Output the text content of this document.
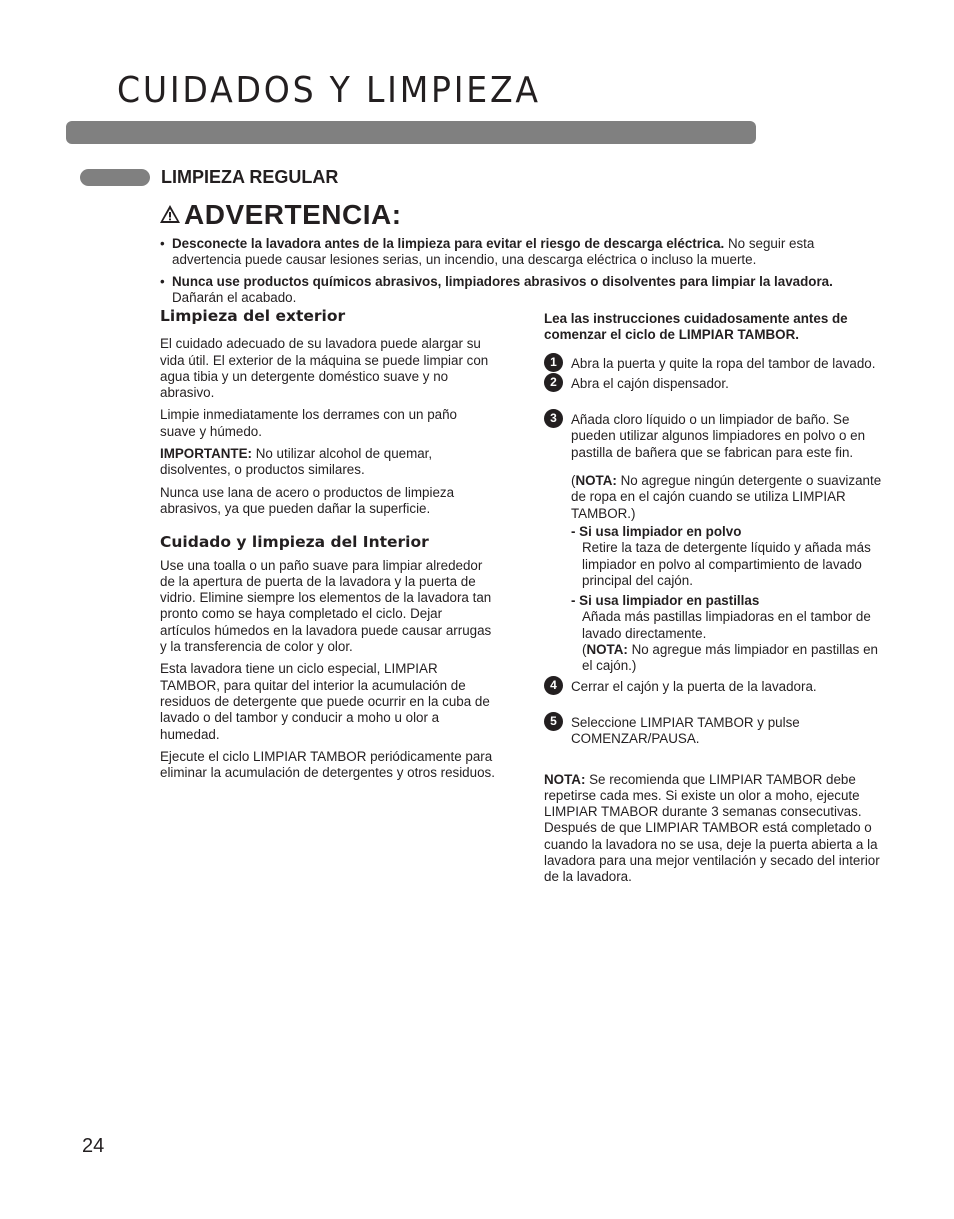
CUIDADOS Y LIMPIEZA
LIMPIEZA REGULAR
ADVERTENCIA:
• Desconecte la lavadora antes de la limpieza para evitar el riesgo de descarga eléctrica. No seguir esta advertencia puede causar lesiones serias, un incendio, una descarga eléctrica o incluso la muerte.
• Nunca use productos químicos abrasivos, limpiadores abrasivos o disolventes para limpiar la lavadora. Dañarán el acabado.
Limpieza del exterior

El cuidado adecuado de su lavadora puede alargar su vida útil. El exterior de la máquina se puede limpiar con agua tibia y un detergente doméstico suave y no abrasivo.

Limpie inmediatamente los derrames con un paño suave y húmedo.

IMPORTANTE: No utilizar alcohol de quemar, disolventes, o productos similares.

Nunca use lana de acero o productos de limpieza abrasivos, ya que pueden dañar la superficie.

Cuidado y limpieza del Interior

Use una toalla o un paño suave para limpiar alrededor de la apertura de puerta de la lavadora y la puerta de vidrio. Elimine siempre los elementos de la lavadora tan pronto como se haya completado el ciclo. Dejar artículos húmedos en la lavadora puede causar arrugas y la transferencia de color y olor.

Esta lavadora tiene un ciclo especial, LIMPIAR TAMBOR, para quitar del interior la acumulación de residuos de detergente que puede ocurrir en la cuba de lavado o del tambor y conducir a moho u olor a humedad.

Ejecute el ciclo LIMPIAR TAMBOR periódicamente para eliminar la acumulación de detergentes y otros residuos.

Lea las instrucciones cuidadosamente antes de comenzar el ciclo de LIMPIAR TAMBOR.

1	Abra la puerta y quite la ropa del tambor de lavado.

2	Abra el cajón dispensador.

3	Añada cloro líquido o un limpiador de baño. Se pueden utilizar algunos limpiadores en polvo o en pastilla de bañera que se fabrican para este fin.

(NOTA: No agregue ningún detergente o suavizante de ropa en el cajón cuando se utiliza LIMPIAR TAMBOR.)

- Si usa limpiador en polvo

Retire la taza de detergente líquido y añada más limpiador en polvo al compartimiento de lavado principal del cajón.

- Si usa limpiador en pastillas

Añada más pastillas limpiadoras en el tambor de lavado directamente.

(NOTA: No agregue más limpiador en pastillas en el cajón.)

4	Cerrar el cajón y la puerta de la lavadora.

5	Seleccione LIMPIAR TAMBOR y pulse COMENZAR/PAUSA.

NOTA: Se recomienda que LIMPIAR TAMBOR debe repetirse cada mes. Si existe un olor a moho, ejecute LIMPIAR TMABOR durante 3 semanas consecutivas. Después de que LIMPIAR TAMBOR está completado o cuando la lavadora no se usa, deje la puerta abierta a la lavadora para una mejor ventilación y secado del interior de la lavadora.

24
